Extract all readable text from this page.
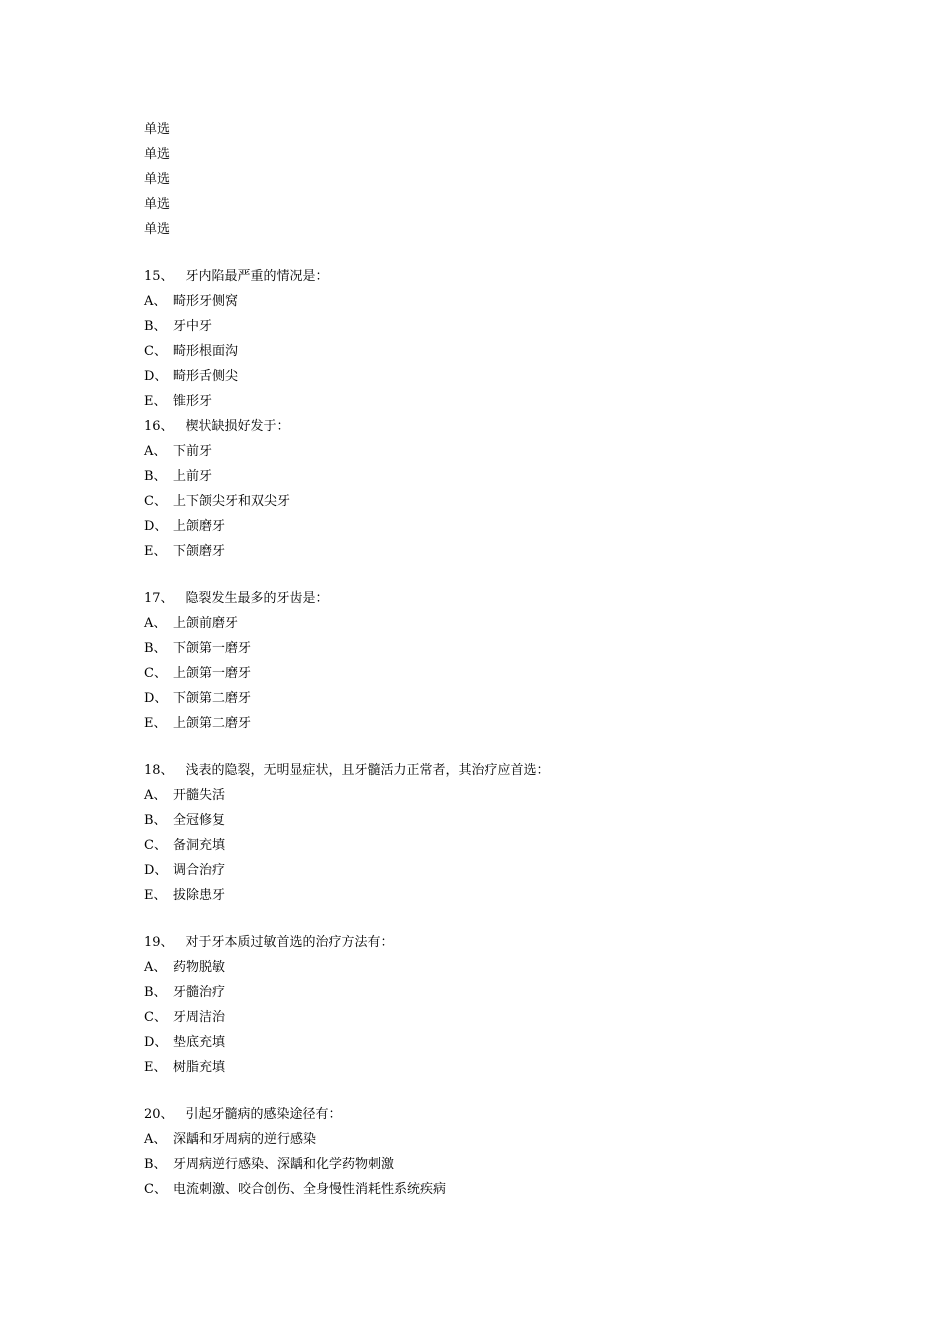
单选
单选
单选
单选
单选
15、 牙内陷最严重的情况是：
A、 畸形牙侧窝
B、 牙中牙
C、 畸形根面沟
D、 畸形舌侧尖
E、 锥形牙
16、 楔状缺损好发于：
A、 下前牙
B、 上前牙
C、 上下颌尖牙和双尖牙
D、 上颌磨牙
E、 下颌磨牙
17、 隐裂发生最多的牙齿是：
A、 上颌前磨牙
B、 下颌第一磨牙
C、 上颌第一磨牙
D、 下颌第二磨牙
E、 上颌第二磨牙
18、 浅表的隐裂，无明显症状，且牙髓活力正常者，其治疗应首选：
A、 开髓失活
B、 全冠修复
C、 备洞充填
D、 调合治疗
E、 拔除患牙
19、 对于牙本质过敏首选的治疗方法有：
A、 药物脱敏
B、 牙髓治疗
C、 牙周洁治
D、 垫底充填
E、 树脂充填
20、 引起牙髓病的感染途径有：
A、 深龋和牙周病的逆行感染
B、 牙周病逆行感染、深龋和化学药物刺激
C、 电流刺激、咬合创伤、全身慢性消耗性系统疾病
